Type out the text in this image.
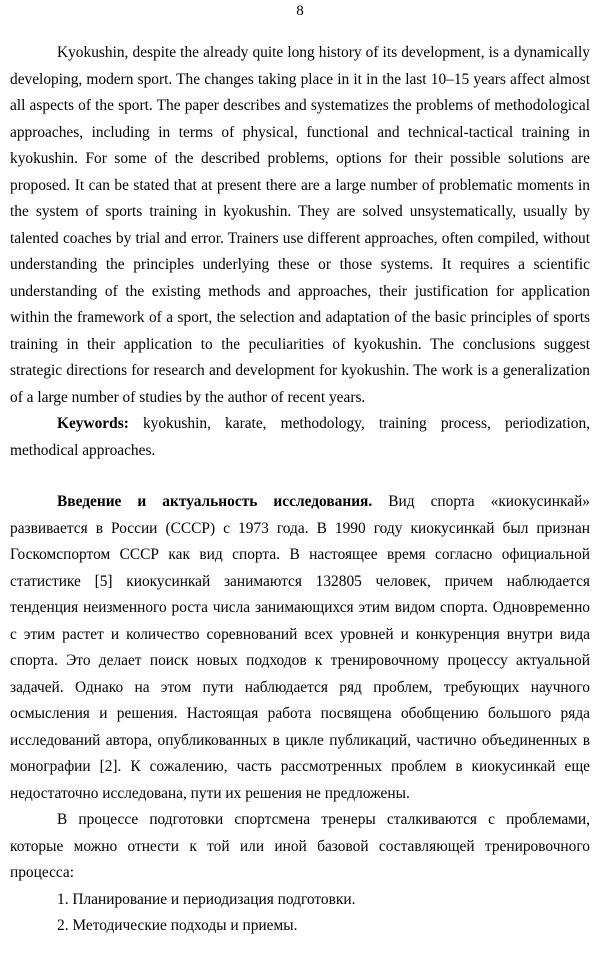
8

Kyokushin, despite the already quite long history of its development, is a dynamically developing, modern sport. The changes taking place in it in the last 10–15 years affect almost all aspects of the sport. The paper describes and systematizes the problems of methodological approaches, including in terms of physical, functional and technical-tactical training in kyokushin. For some of the described problems, options for their possible solutions are proposed. It can be stated that at present there are a large number of problematic moments in the system of sports training in kyokushin. They are solved unsystematically, usually by talented coaches by trial and error. Trainers use different approaches, often compiled, without understanding the principles underlying these or those systems. It requires a scientific understanding of the existing methods and approaches, their justification for application within the framework of a sport, the selection and adaptation of the basic principles of sports training in their application to the peculiarities of kyokushin. The conclusions suggest strategic directions for research and development for kyokushin. The work is a generalization of a large number of studies by the author of recent years.

Keywords: kyokushin, karate, methodology, training process, periodization, methodical approaches.

Введение и актуальность исследования. Вид спорта «киокусинкай» развивается в России (СССР) с 1973 года. В 1990 году киокусинкай был признан Госкомспортом СССР как вид спорта. В настоящее время согласно официальной статистике [5] киокусинкай занимаются 132805 человек, причем наблюдается тенденция неизменного роста числа занимающихся этим видом спорта. Одновременно с этим растет и количество соревнований всех уровней и конкуренция внутри вида спорта. Это делает поиск новых подходов к тренировочному процессу актуальной задачей. Однако на этом пути наблюдается ряд проблем, требующих научного осмысления и решения. Настоящая работа посвящена обобщению большого ряда исследований автора, опубликованных в цикле публикаций, частично объединенных в монографии [2]. К сожалению, часть рассмотренных проблем в киокусинкай еще недостаточно исследована, пути их решения не предложены.

В процессе подготовки спортсмена тренеры сталкиваются с проблемами, которые можно отнести к той или иной базовой составляющей тренировочного процесса:

1. Планирование и периодизация подготовки.
2. Методические подходы и приемы.
